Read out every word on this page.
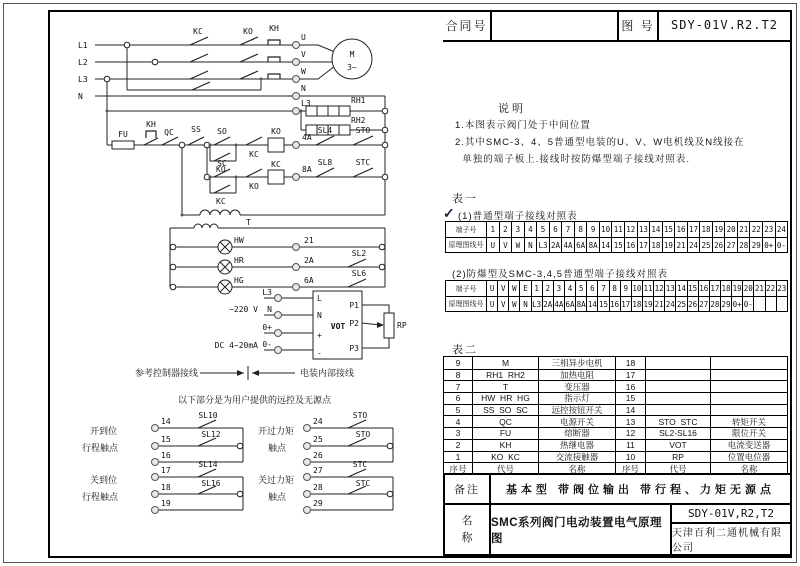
合同号	图 号	SDY-01V.R2.T2
说明
1.本图表示阀门处于中间位置
2.其中SMC-3、4、5普通型电装的U、V、W电机线及N线接在
单独的端子板上.接线时按防爆型端子接线对照表.
表一
✓ (1)普通型端子接线对照表
端子号	1	2	3	4	5	6	7	8	9 10 11 12 13 14 15 16 17 18 19 20 21 22 23 24
原理图线号 U	V	W	N L3 2A 4A 6A 8A 14 15 16 17 18 19 21 24 25 26 27 28 29 0+ 0-
(2)防爆型及SMC-3,4,5普通型端子接线对照表
端子号	U V W E 1 2 3 4 5 6 7 8 9 10 11 12 13 14 15 16 17 18 19 20 21 22 23
原理图线号 U V W N L3 2A 4A 6A 8A 14 15 16 17 18 19 21 24 25 26 27 28 29 0+ 0-
表二
9	M	三相异步电机	18
8	RH1  RH2	加热电阻	17
7	T	变压器	16
6	HW  HR  HG	指示灯	15
5	SS  SO  SC	远控按钮开关	14
4	QC	电源开关	13	STO  STC	转矩开关
3	FU	熔断器	12	SL2-SL16	限位开关
2	KH	热继电器	11	VOT	电流变送器
1	KO  KC	交流接触器	10	RP	位置电位器
序号	代号	名称	序号	代号	名称
备注	基本型 带阀位输出 带行程、力矩无源点
名称
SMC系列阀门电动装置电气原理图
SDY-01V,R2,T2
天津百利二通机械有限公司
L1
L2
L3
N
KC	KO KH
U
V
W
M
3~
N
L3	RH1
RH2
FU
KH
QC SS SO
KO
KC
KO
4A
SL4	STO
SC
KC
KO
KC
8A
SL8	STC
T
HW	21
HR	2A
SL2
HG	6A
SL6
~220 V
L3
N
0+
0-
DC 4~20mA
L
N
VOT
+
-
P1
P2
P3
RP
参考控制器接线	电装内部接线
以下部分是为用户提供的远控及无源点
开到位
行程触点
14
15
16
SL10
SL12
关到位
行程触点
17
18
19
SL14
SL16
开过力矩
触点
24
25
26
STO
STO
关过力矩
触点
27
28
29
STC
STC
